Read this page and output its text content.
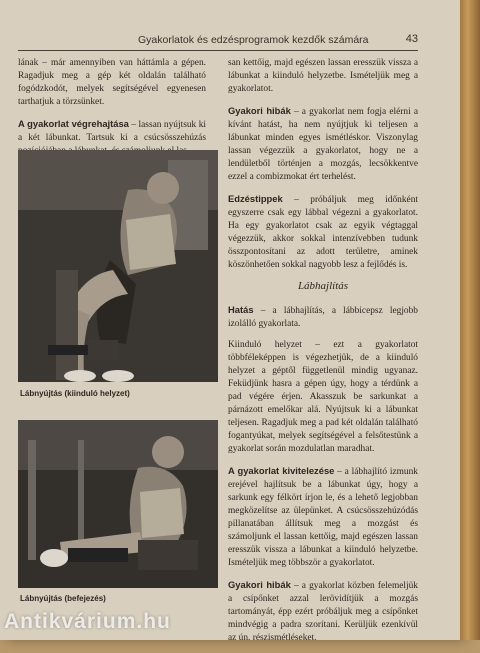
Gyakorlatok és edzésprogramok kezdők számára	43

lának – már amennyiben van háttámla a gépen. Ragadjuk meg a gép két oldalán található fogódzkodót, melyek segítségével egyenesen tarthatjuk a törzsünket.

A gyakorlat végrehajtása – lassan nyújtsuk ki a két lábunkat. Tartsuk ki a csúcsösszehúzás

Lábnyújtás (kiinduló helyzet)
Lábnyújtás (befejezés)

san kettőig, majd egészen lassan eresszük vissza a lábunkat a kiinduló helyzetbe. Ismételjük meg a gyakorlatot.

Gyakori hibák – a gyakorlat nem fogja elérni a kívánt hatást, ha nem nyújtjuk ki teljesen a lábunkat minden egyes ismétléskor. Viszonylag lassan végezzük a gyakorlatot, hogy ne a lendületből történjen a mozgás, lecsökkentve ezzel a combizmokat ért terhelést.

Edzéstippek – próbáljuk meg időnként egyszerre csak egy lábbal végezni a gyakorlatot. Ha egy gyakorlatot csak az egyik végtaggal végezzük, akkor sokkal intenzívebben tudunk összpontosítani az adott területre, aminek köszönhetően sokkal nagyobb lesz a fejlődés is.

Lábhajlítás

Hatás – a lábhajlítás, a lábbicepsz legjobb izolálló gyakorlata.

Kiinduló helyzet – ezt a gyakorlatot többféleképpen is végezhetjük, de a kiinduló helyzet a géptől függetlenül mindig ugyanaz. Feküdjünk hasra a gépen úgy, hogy a térdünk a pad végére érjen. Akasszuk be sarkunkat a párnázott emelőkar alá. Nyújtsuk ki a lábunkat teljesen. Ragadjuk meg a pad két oldalán található fogantyúkat, melyek segítségével a felsőtestünk a gyakorlat során mozdulatlan maradhat.

A gyakorlat kivitelezése – a lábhajlító izmunk erejével hajlítsuk be a lábunkat úgy, hogy a sarkunk egy félkört írjon le, és a lehető legjobban megközelítse az ülepünket. A csúcsösszehúzódás pillanatában állítsuk meg a mozgást és számoljunk el lassan kettőig, majd egészen lassan eresszük vissza a lábunkat a kiinduló helyzetbe. Ismételjük meg többször a gyakorlatot.

Gyakori hibák – a gyakorlat közben felemeljük a csípőnket azzal lerövidítjük a mozgás tartományát, épp ezért próbáljuk meg a csípőnket mindvégig a padra szorítani. Kerüljük ezenkívül az ún. részismétléseket.

Antikvárium.hu
